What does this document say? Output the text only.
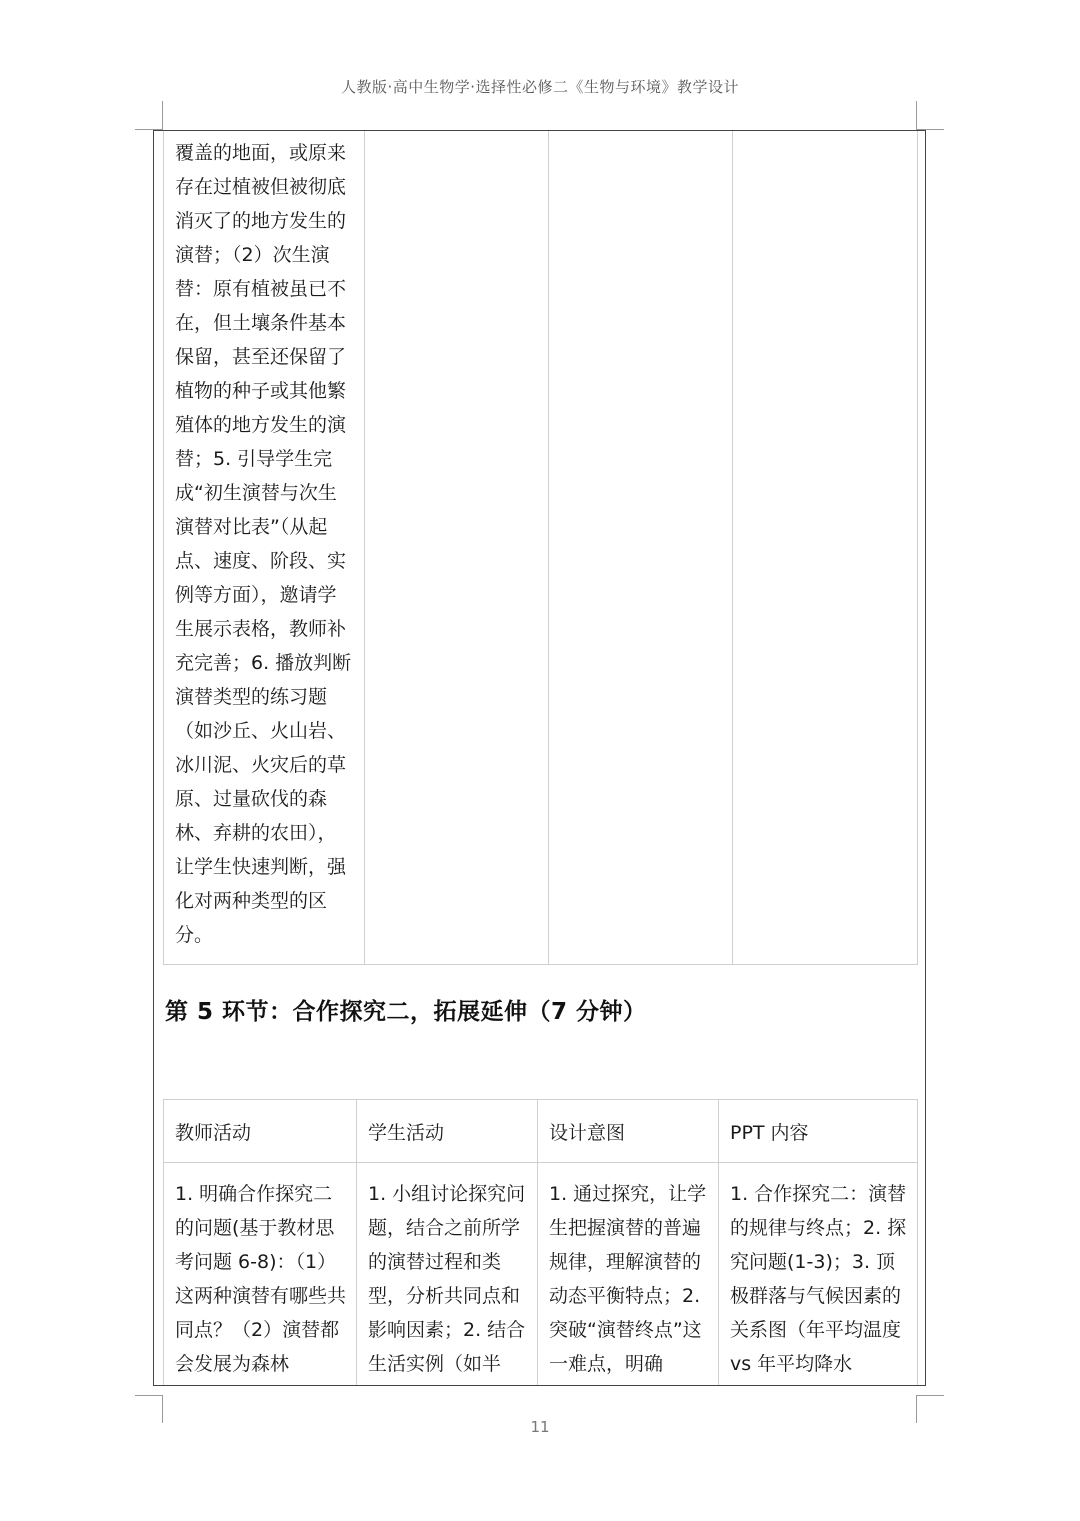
人教版·高中生物学·选择性必修二《生物与环境》教学设计
覆盖的地面，或原来存在过植被但被彻底消灭了的地方发生的演替；（2）次生演替：原有植被虽已不在，但土壤条件基本保留，甚至还保留了植物的种子或其他繁殖体的地方发生的演替；5. 引导学生完成“初生演替与次生演替对比表”（从起点、速度、阶段、实例等方面），邀请学生展示表格，教师补充完善；6. 播放判断演替类型的练习题（如沙丘、火山岩、冰川泥、火灾后的草原、过量砍伐的森林、弃耕的农田），让学生快速判断，强化对两种类型的区分。			
第 5 环节：合作探究二，拓展延伸（7 分钟）
教师活动	学生活动	设计意图	PPT 内容
1. 明确合作探究二的问题(基于教材思考问题 6-8)：（1）这两种演替有哪些共同点？（2）演替都会发展为森林	1. 小组讨论探究问题，结合之前所学的演替过程和类型，分析共同点和影响因素；2. 结合生活实例（如半	1. 通过探究，让学生把握演替的普遍规律，理解演替的动态平衡特点；2. 突破“演替终点”这一难点，明确	1. 合作探究二：演替的规律与终点；2. 探究问题(1-3)；3. 顶极群落与气候因素的关系图（年平均温度 vs 年平均降水
11
